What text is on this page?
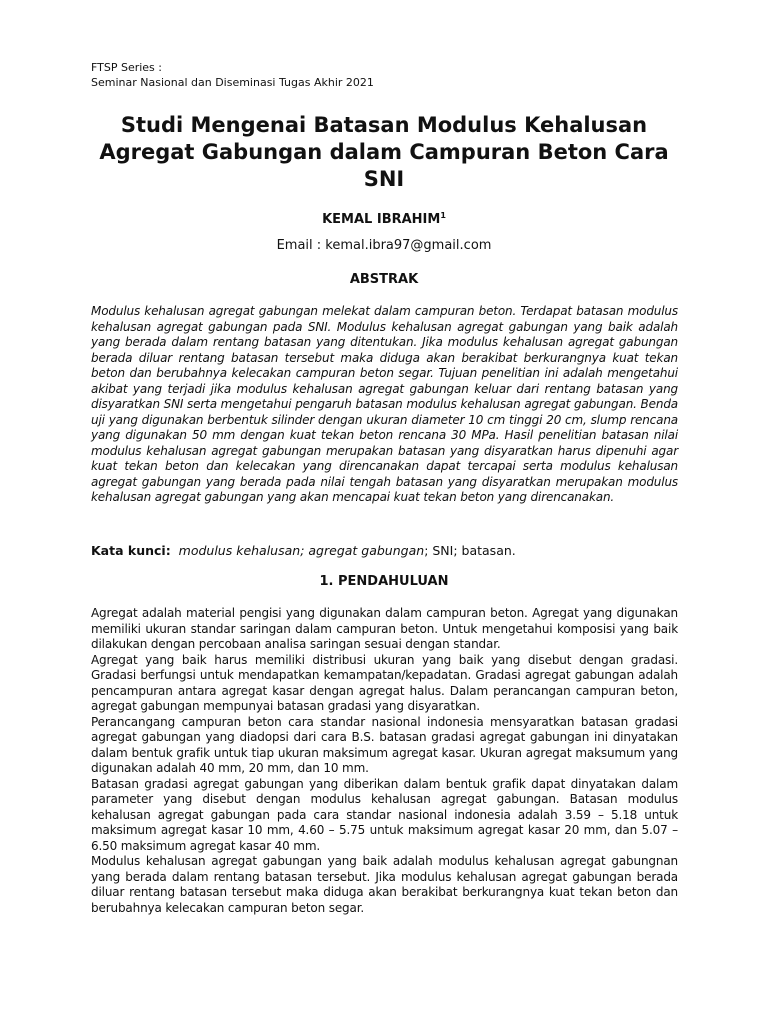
FTSP Series :
Seminar Nasional dan Diseminasi Tugas Akhir 2021
Studi Mengenai Batasan Modulus Kehalusan Agregat Gabungan dalam Campuran Beton Cara SNI
KEMAL IBRAHIM$^1$
Email : kemal.ibra97@gmail.com
ABSTRAK

Modulus kehalusan agregat gabungan melekat dalam campuran beton. Terdapat batasan modulus kehalusan agregat gabungan pada SNI. Modulus kehalusan agregat gabungan yang baik adalah yang berada dalam rentang batasan yang ditentukan. Jika modulus kehalusan agregat gabungan berada diluar rentang batasan tersebut maka diduga akan berakibat berkurangnya kuat tekan beton dan berubahnya kelecakan campuran beton segar. Tujuan penelitian ini adalah mengetahui akibat yang terjadi jika modulus kehalusan agregat gabungan keluar dari rentang batasan yang disyaratkan SNI serta mengetahui pengaruh batasan modulus kehalusan agregat gabungan. Benda uji yang digunakan berbentuk silinder dengan ukuran diameter 10 cm tinggi 20 cm, slump rencana yang digunakan 50 mm dengan kuat tekan beton rencana 30 MPa. Hasil penelitian batasan nilai modulus kehalusan agregat gabungan merupakan batasan yang disyaratkan harus dipenuhi agar kuat tekan beton dan kelecakan yang direncanakan dapat tercapai serta modulus kehalusan agregat gabungan yang berada pada nilai tengah batasan yang disyaratkan merupakan modulus kehalusan agregat gabungan yang akan mencapai kuat tekan beton yang direncanakan.

Kata kunci: modulus kehalusan; agregat gabungan; SNI; batasan.
1. PENDAHULUAN

Agregat adalah material pengisi yang digunakan dalam campuran beton. Agregat yang digunakan memiliki ukuran standar saringan dalam campuran beton. Untuk mengetahui komposisi yang baik dilakukan dengan percobaan analisa saringan sesuai dengan standar.

Agregat yang baik harus memiliki distribusi ukuran yang baik yang disebut dengan gradasi. Gradasi berfungsi untuk mendapatkan kemampatan/kepadatan. Gradasi agregat gabungan adalah pencampuran antara agregat kasar dengan agregat halus. Dalam perancangan campuran beton, agregat gabungan mempunyai batasan gradasi yang disyaratkan.

Perancangang campuran beton cara standar nasional indonesia mensyaratkan batasan gradasi agregat gabungan yang diadopsi dari cara B.S. batasan gradasi agregat gabungan ini dinyatakan dalam bentuk grafik untuk tiap ukuran maksimum agregat kasar. Ukuran agregat maksumum yang digunakan adalah 40 mm, 20 mm, dan 10 mm.

Batasan gradasi agregat gabungan yang diberikan dalam bentuk grafik dapat dinyatakan dalam parameter yang disebut dengan modulus kehalusan agregat gabungan. Batasan modulus kehalusan agregat gabungan pada cara standar nasional indonesia adalah 3.59 – 5.18 untuk maksimum agregat kasar 10 mm, 4.60 – 5.75 untuk maksimum agregat kasar 20 mm, dan 5.07 – 6.50 maksimum agregat kasar 40 mm.

Modulus kehalusan agregat gabungan yang baik adalah modulus kehalusan agregat gabungnan yang berada dalam rentang batasan tersebut. Jika modulus kehalusan agregat gabungan berada diluar rentang batasan tersebut maka diduga akan berakibat berkurangnya kuat tekan beton dan berubahnya kelecakan campuran beton segar.
